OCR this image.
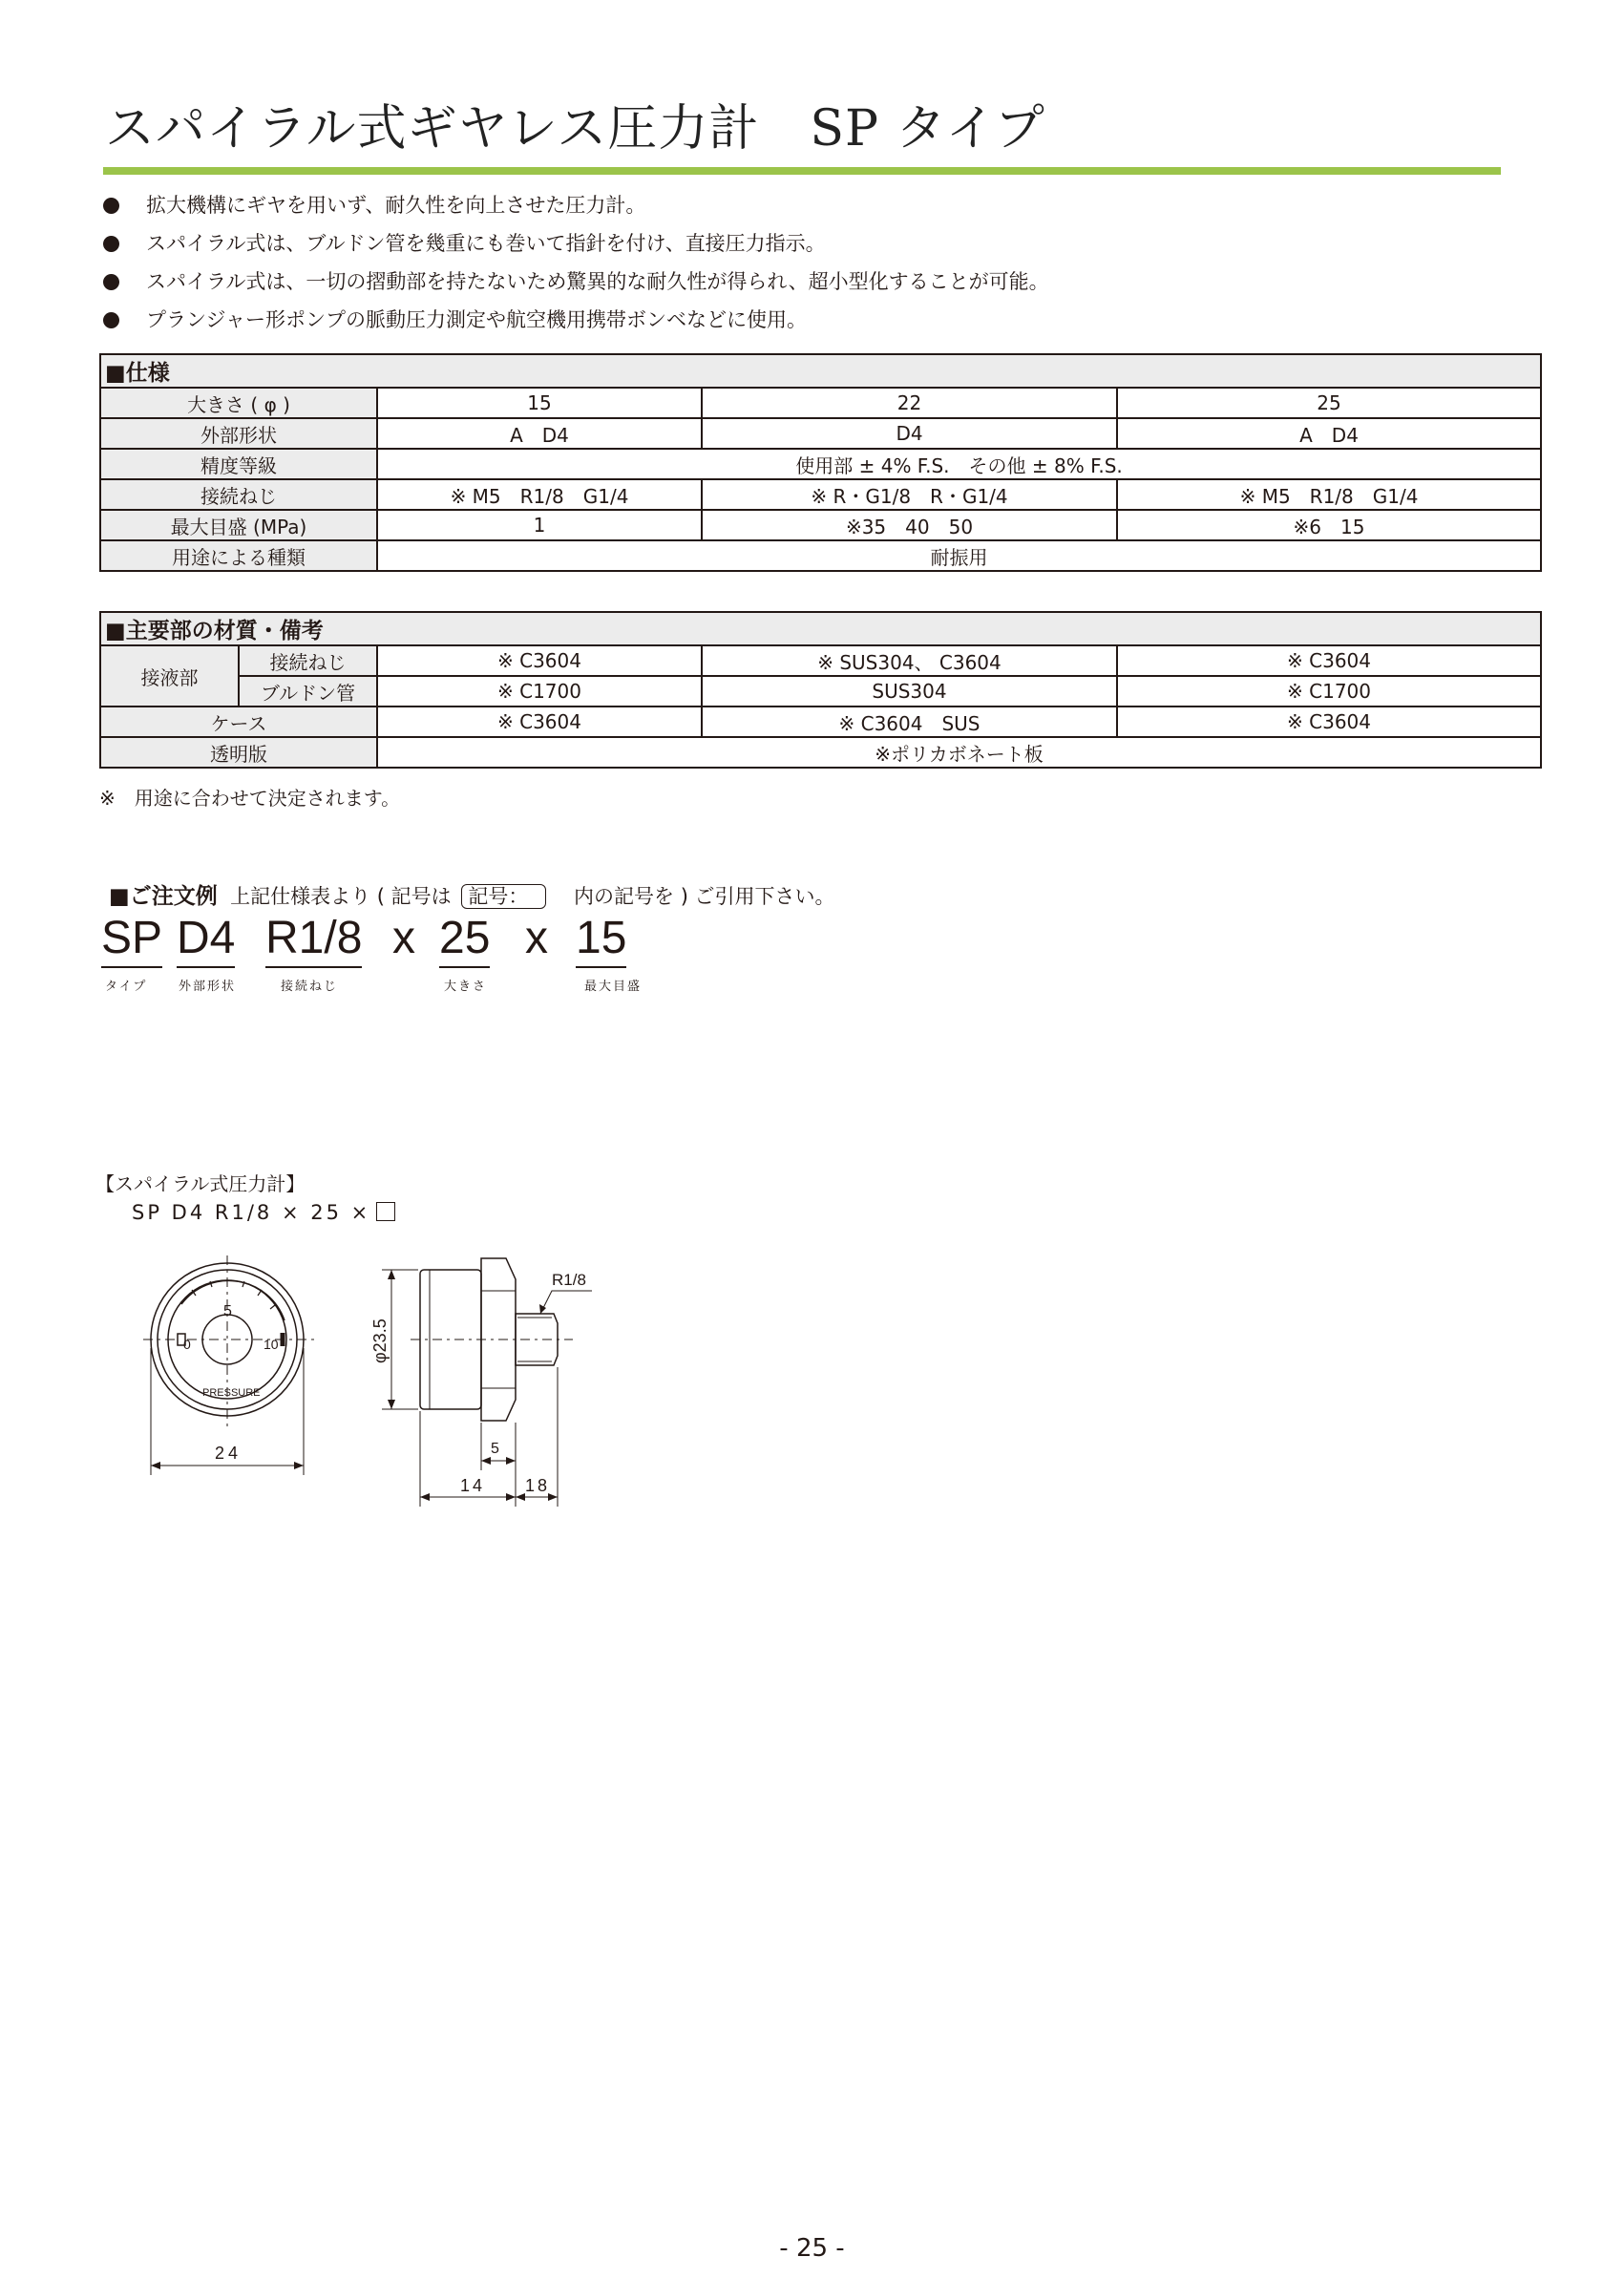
スパイラル式ギヤレス圧力計　SP タイプ
拡大機構にギヤを用いず、耐久性を向上させた圧力計。
スパイラル式は、ブルドン管を幾重にも巻いて指針を付け、直接圧力指示。
スパイラル式は、一切の摺動部を持たないため驚異的な耐久性が得られ、超小型化することが可能。
プランジャー形ポンプの脈動圧力測定や航空機用携帯ボンベなどに使用。
■仕様			
大きさ ( φ )	15	22	25
外部形状	A　D4	D4	A　D4
精度等級	使用部 ± 4% F.S.　その他 ± 8% F.S.		
接続ねじ	※ M5　R1/8　G1/4	※ R・G1/8　R・G1/4	※ M5　R1/8　G1/4
最大目盛 (MPa)	1	※35　40　50	※6　15
用途による種類	耐振用		
■主要部の材質・備考				
接液部	接続ねじ	※ C3604	※ SUS304、 C3604	※ C3604
	ブルドン管	※ C1700	SUS304	※ C1700
ケース		※ C3604	※ C3604　SUS	※ C3604
透明版		※ポリカボネート板		
※　用途に合わせて決定されます。
■ご注文例 上記仕様表より ( 記号は 記号： 内の記号を ) ご引用下さい。
SP D4 R1/8 x 25 x 15
タイプ	外部形状	接続ねじ	大きさ	最大目盛
【スパイラル式圧力計】
SP D4 R1/8 × 25 ×
5
0	10
PRESSURE
24
φ23.5
R1/8
5
14 18
- 25 -
